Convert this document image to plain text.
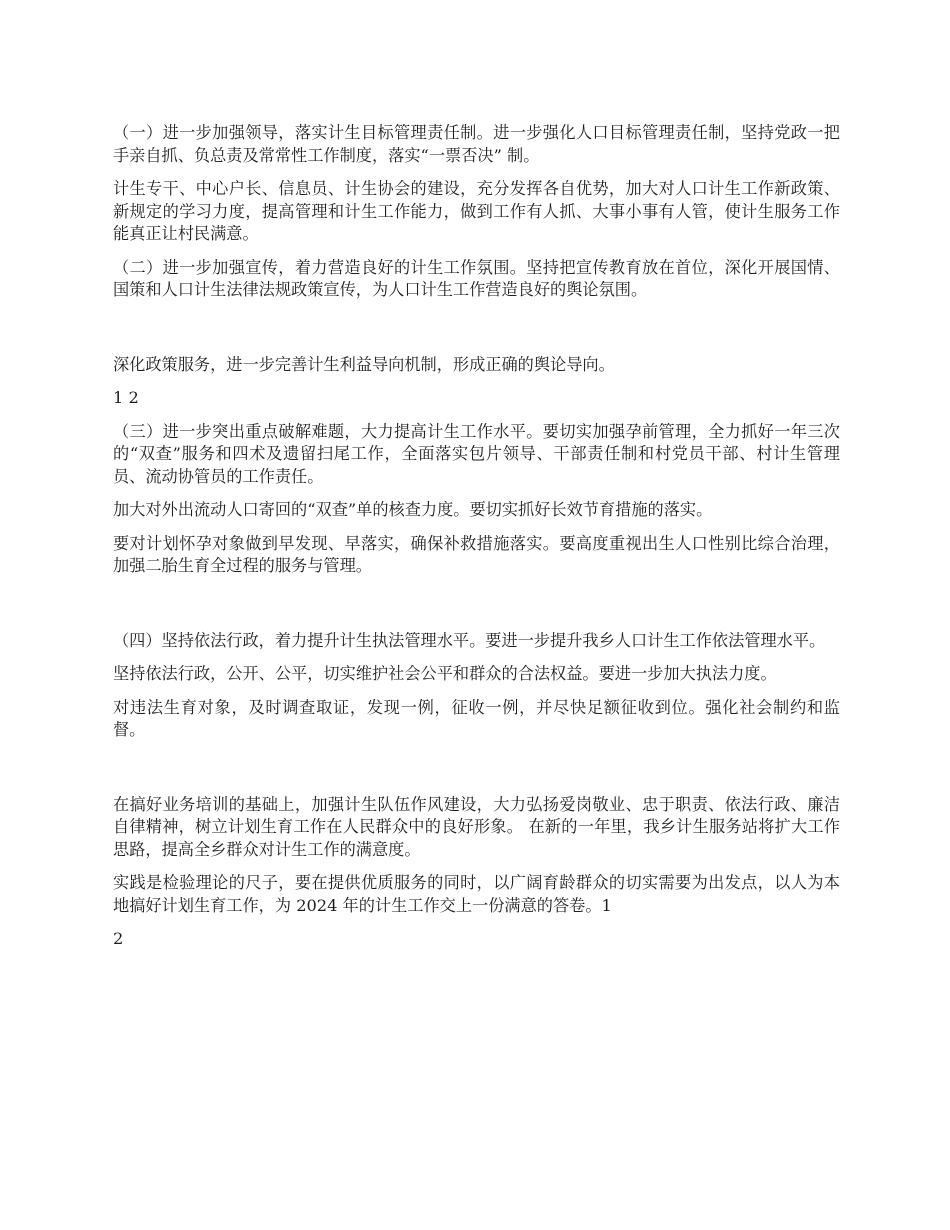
（一）进一步加强领导，落实计生目标管理责任制。进一步强化人口目标管理责任制，坚持党政一把手亲自抓、负总责及常常性工作制度，落实“一票否决” 制。

计生专干、中心户长、信息员、计生协会的建设，充分发挥各自优势，加大对人口计生工作新政策、新规定的学习力度，提高管理和计生工作能力，做到工作有人抓、大事小事有人管，使计生服务工作能真正让村民满意。

（二）进一步加强宣传，着力营造良好的计生工作氛围。坚持把宣传教育放在首位，深化开展国情、国策和人口计生法律法规政策宣传，为人口计生工作营造良好的舆论氛围。

深化政策服务，进一步完善计生利益导向机制，形成正确的舆论导向。

1 2

（三）进一步突出重点破解难题，大力提高计生工作水平。要切实加强孕前管理，全力抓好一年三次的“双查”服务和四术及遗留扫尾工作，全面落实包片领导、干部责任制和村党员干部、村计生管理员、流动协管员的工作责任。

加大对外出流动人口寄回的“双查”单的核查力度。要切实抓好长效节育措施的落实。

要对计划怀孕对象做到早发现、早落实，确保补救措施落实。要高度重视出生人口性别比综合治理，加强二胎生育全过程的服务与管理。

（四）坚持依法行政，着力提升计生执法管理水平。要进一步提升我乡人口计生工作依法管理水平。

坚持依法行政，公开、公平，切实维护社会公平和群众的合法权益。要进一步加大执法力度。

对违法生育对象，及时调查取证，发现一例，征收一例，并尽快足额征收到位。强化社会制约和监督。

在搞好业务培训的基础上，加强计生队伍作风建设，大力弘扬爱岗敬业、忠于职责、依法行政、廉洁自律精神，树立计划生育工作在人民群众中的良好形象。 在新的一年里，我乡计生服务站将扩大工作思路，提高全乡群众对计生工作的满意度。

实践是检验理论的尺子，要在提供优质服务的同时，以广阔育龄群众的切实需要为出发点，以人为本地搞好计划生育工作，为 2024 年的计生工作交上一份满意的答卷。1

2
